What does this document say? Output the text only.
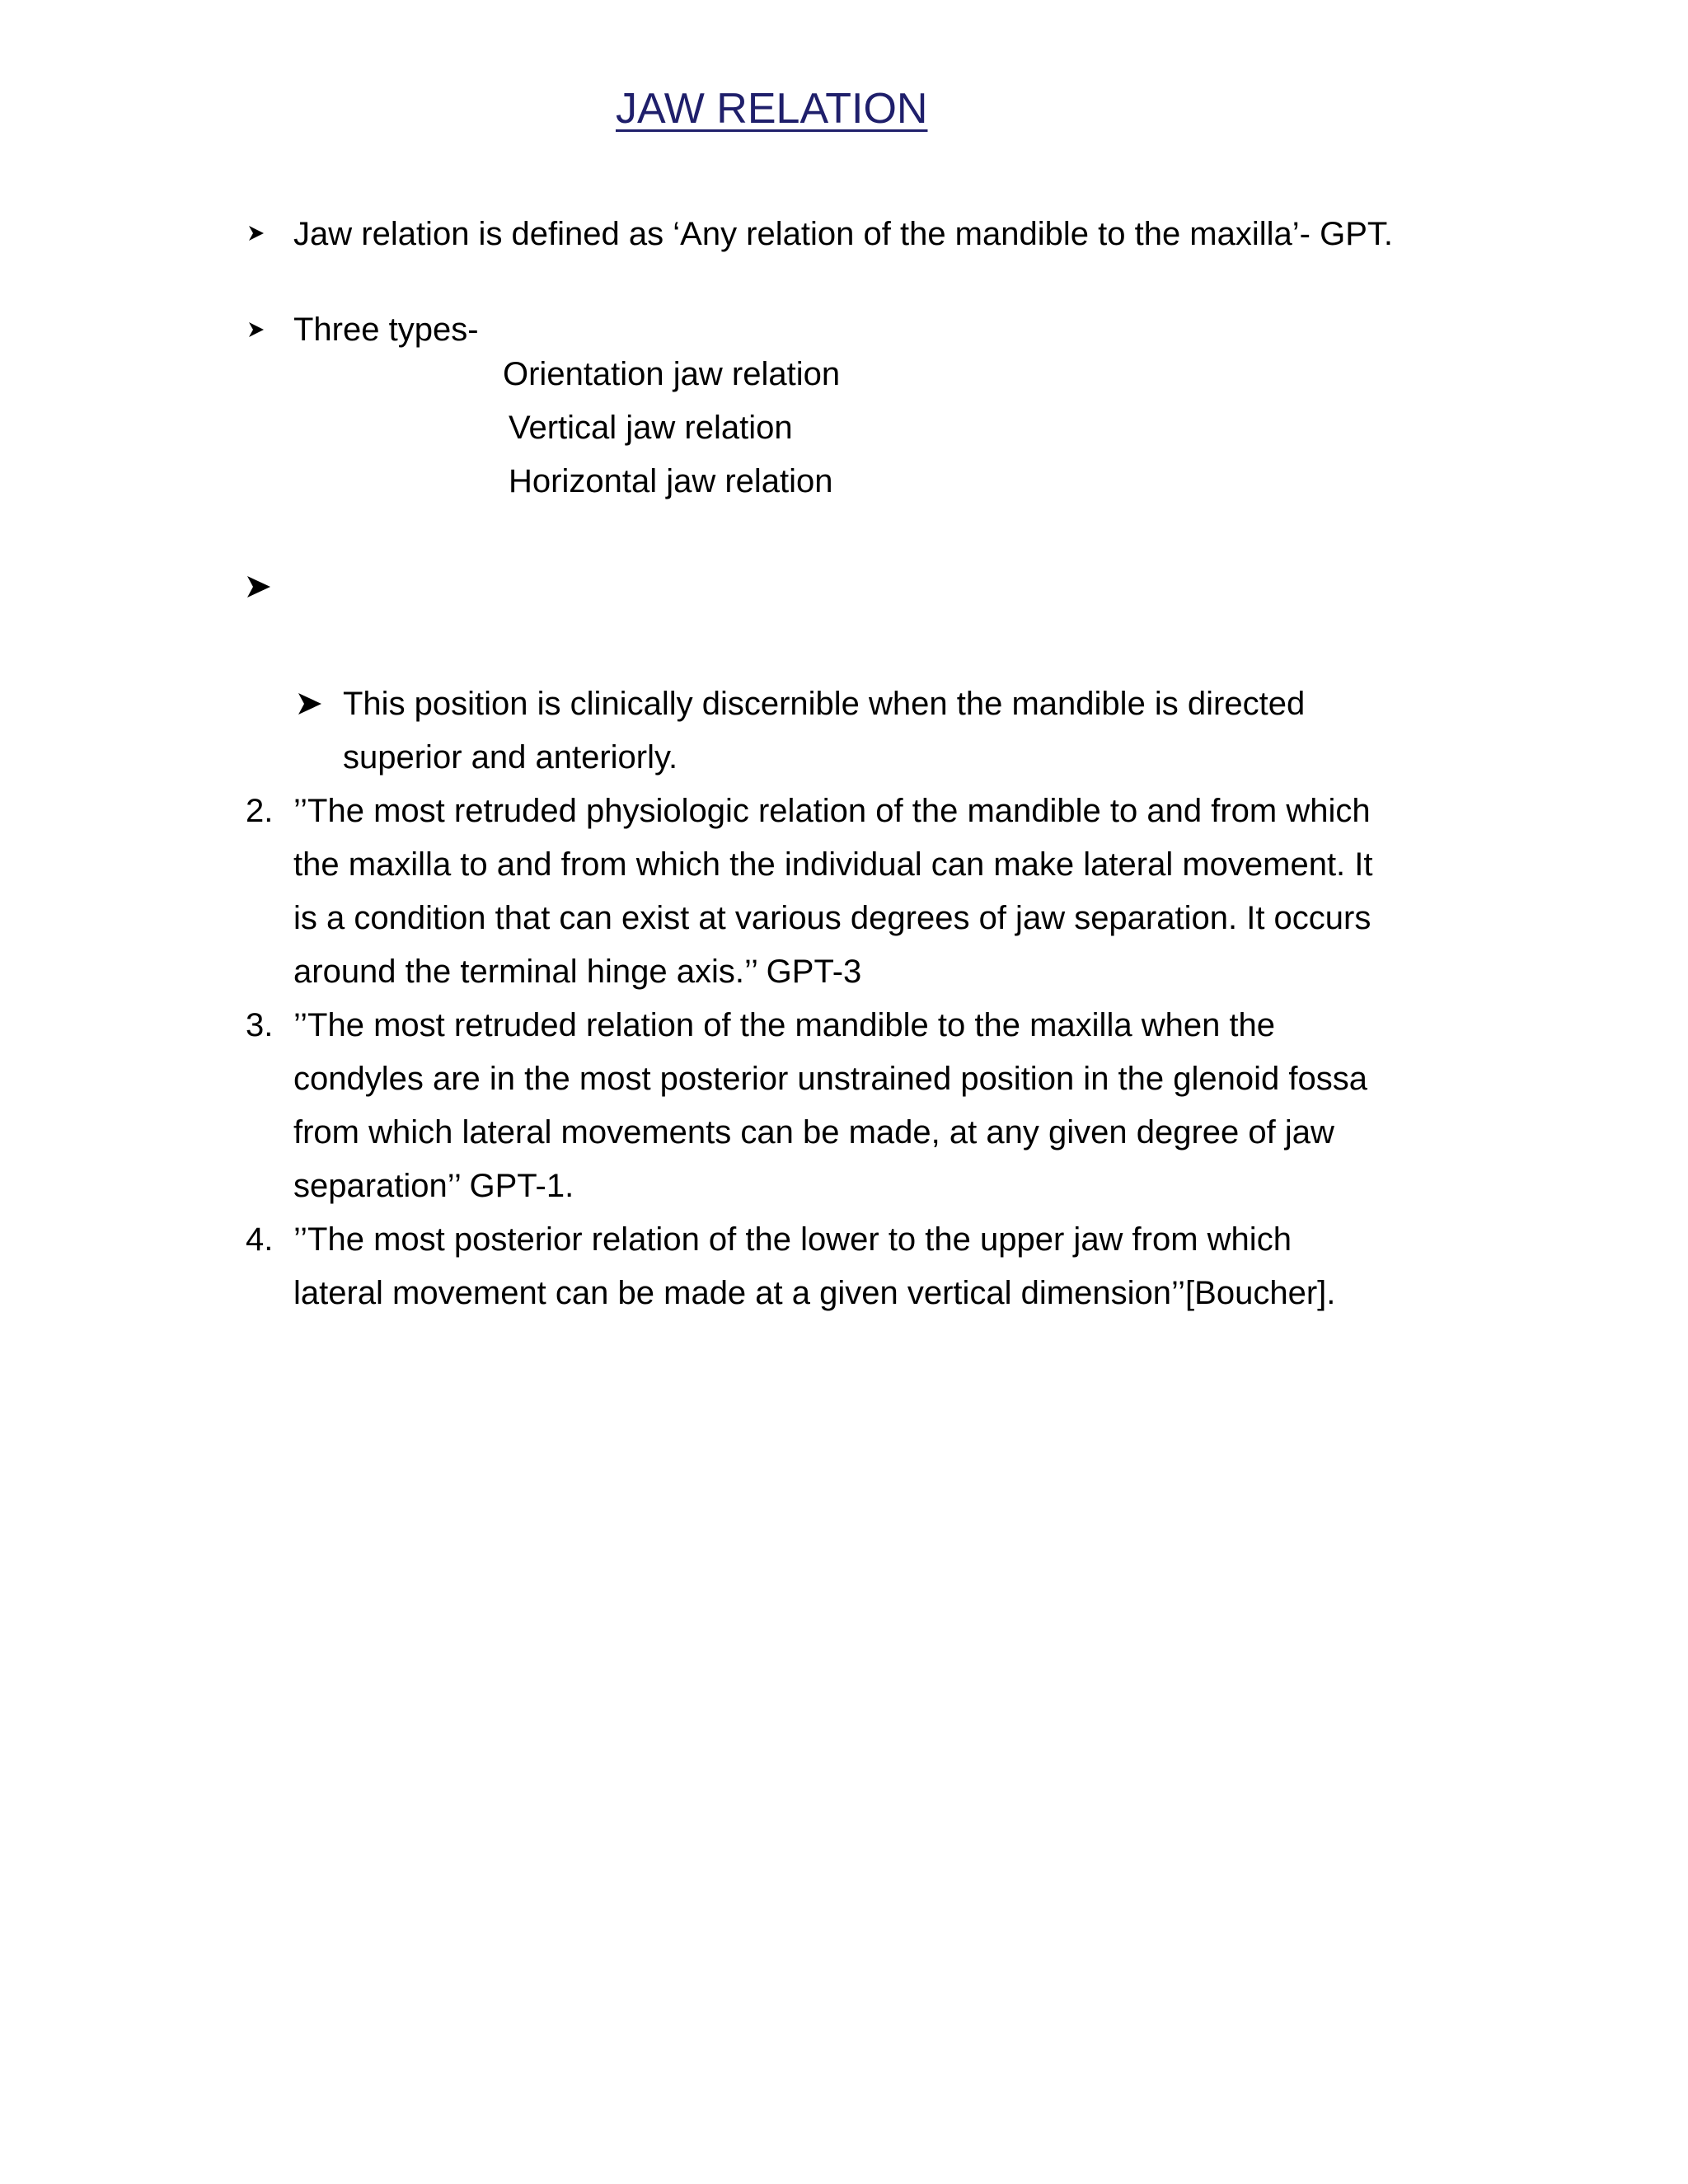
JAW RELATION
Jaw relation is defined as ‘Any relation of the mandible to the maxilla’- GPT.
Three types-
Orientation jaw relation
Vertical jaw relation
Horizontal jaw relation
This position is clinically discernible when the mandible is directed
superior and anteriorly.
2. ’’The most retruded physiologic relation of the mandible to and from which
the maxilla to and from which the individual can make lateral movement. It
is a condition that can exist at various degrees of jaw separation. It occurs
around the terminal hinge axis.’’ GPT-3
3. ’’The most retruded relation of the mandible to the maxilla when the
condyles are in the most posterior unstrained position in the glenoid fossa
from which lateral movements can be made, at any given degree of jaw
separation’’ GPT-1.
4. ’’The most posterior relation of the lower to the upper jaw from which
lateral movement can be made at a given vertical dimension’’[Boucher].
